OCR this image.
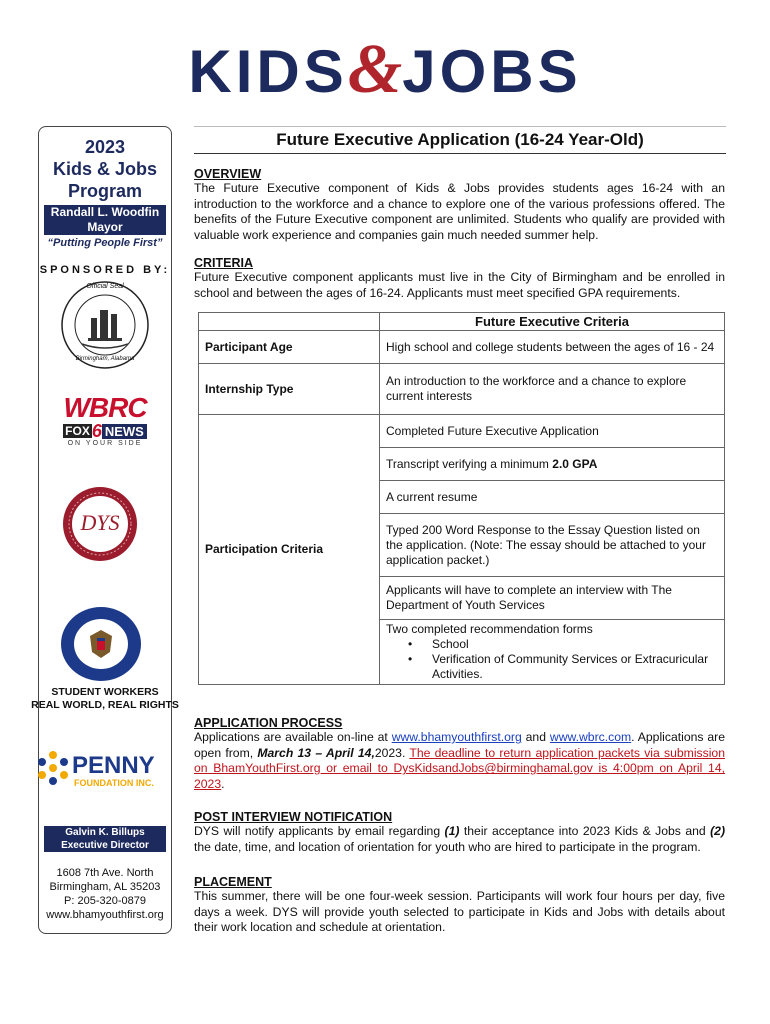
KIDS&JOBS
2023
Kids & Jobs
Program
Randall L. Woodfin
Mayor
“Putting People First”
SPONSORED BY:
Official Seal
Birmingham, Alabama
WBRC
FOX 6 NEWS
ON YOUR SIDE
DYS
STUDENT WORKERS
REAL WORLD, REAL RIGHTS
PENNY
FOUNDATION INC.
Galvin K. Billups
Executive Director
1608 7th Ave. North
Birmingham, AL 35203
P: 205-320-0879
www.bhamyouthfirst.org
Future Executive Application (16-24 Year-Old)
OVERVIEW
The Future Executive component of Kids & Jobs provides students ages 16-24 with an introduction to the workforce and a chance to explore one of the various professions offered. The benefits of the Future Executive component are unlimited. Students who qualify are provided with valuable work experience and companies gain much needed summer help.
CRITERIA
Future Executive component applicants must live in the City of Birmingham and be enrolled in school and between the ages of 16-24. Applicants must meet specified GPA requirements.
	Future Executive Criteria
Participant Age	High school and college students between the ages of 16 - 24
Internship Type	An introduction to the workforce and a chance to explore current interests
Participation Criteria	Completed Future Executive Application
	Transcript verifying a minimum 2.0 GPA
	A current resume
	Typed 200 Word Response to the Essay Question listed on the application. (Note: The essay should be attached to your application packet.)
	Applicants will have to complete an interview with The Department of Youth Services

	Two completed recommendation forms
• School
• Verification of Community Services or Extracuricular Activities.
APPLICATION PROCESS
Applications are available on-line at www.bhamyouthfirst.org and www.wbrc.com. Applications are open from, March 13 – April 14,2023. The deadline to return application packets via submission on BhamYouthFirst.org or email to DysKidsandJobs@birminghamal.gov is 4:00pm on April 14, 2023.
POST INTERVIEW NOTIFICATION
DYS will notify applicants by email regarding (1) their acceptance into 2023 Kids & Jobs and (2) the date, time, and location of orientation for youth who are hired to participate in the program.
PLACEMENT
This summer, there will be one four-week session. Participants will work four hours per day, five days a week. DYS will provide youth selected to participate in Kids and Jobs with details about their work location and schedule at orientation.
